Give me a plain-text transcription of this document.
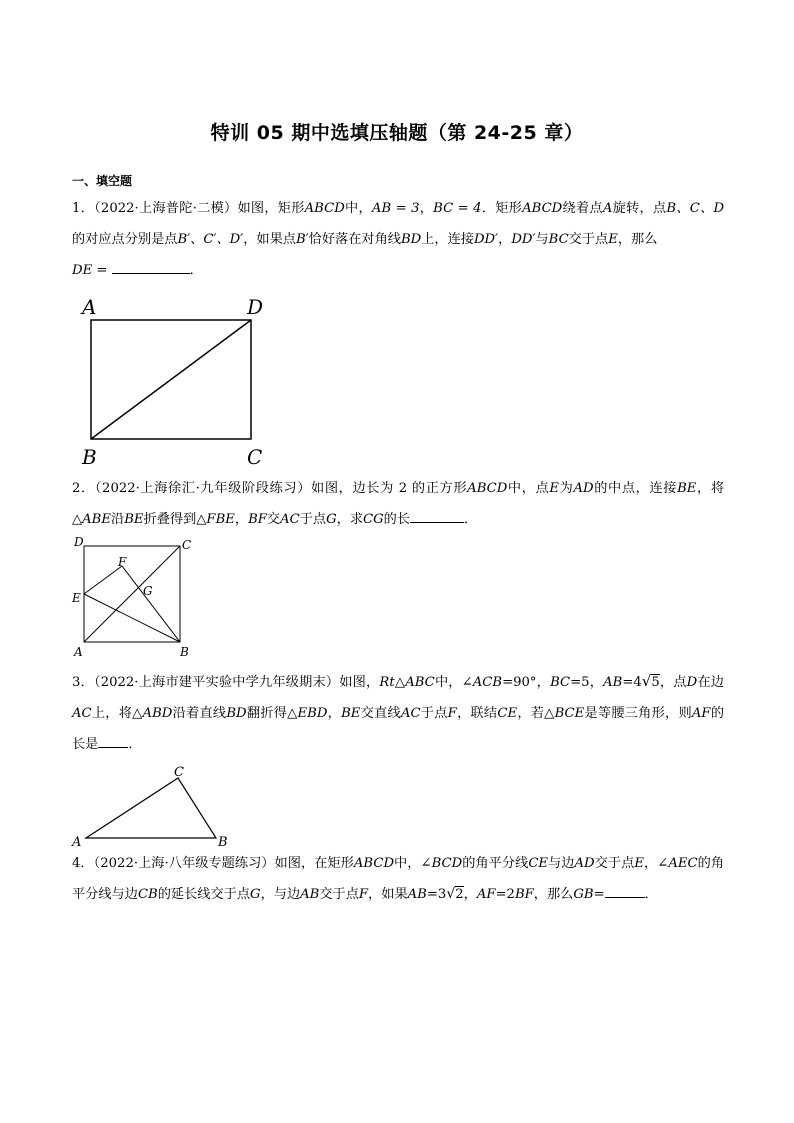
特训 05 期中选填压轴题（第 24-25 章）
一、填空题
1．（2022·上海普陀·二模）如图，矩形ABCD中，AB = 3，BC = 4．矩形ABCD绕着点A旋转，点B、C、D的对应点分别是点B′、C′、D′，如果点B′恰好落在对角线BD上，连接DD′，DD′与BC交于点E，那么
DE =	．
A	D
B	C
2．（2022·上海徐汇·九年级阶段练习）如图，边长为 2 的正方形ABCD中，点E为AD的中点，连接BE，将△ABE沿BE折叠得到△FBE，BF交AC于点G，求CG的长	．
D	C
F
G
E
A	B
3．（2022·上海市建平实验中学九年级期末）如图，Rt△ABC中，∠ACB=90°，BC=5，AB=4√5，点D在边AC上，将△ABD沿着直线BD翻折得△EBD，BE交直线AC于点F，联结CE，若△BCE是等腰三角形，则AF的长是 ．
C
A	B
4．（2022·上海·八年级专题练习）如图，在矩形ABCD中，∠BCD的角平分线CE与边AD交于点E，∠AEC的角平分线与边CB的延长线交于点G，与边AB交于点F，如果AB=3√2，AF=2BF，那么GB=	．
